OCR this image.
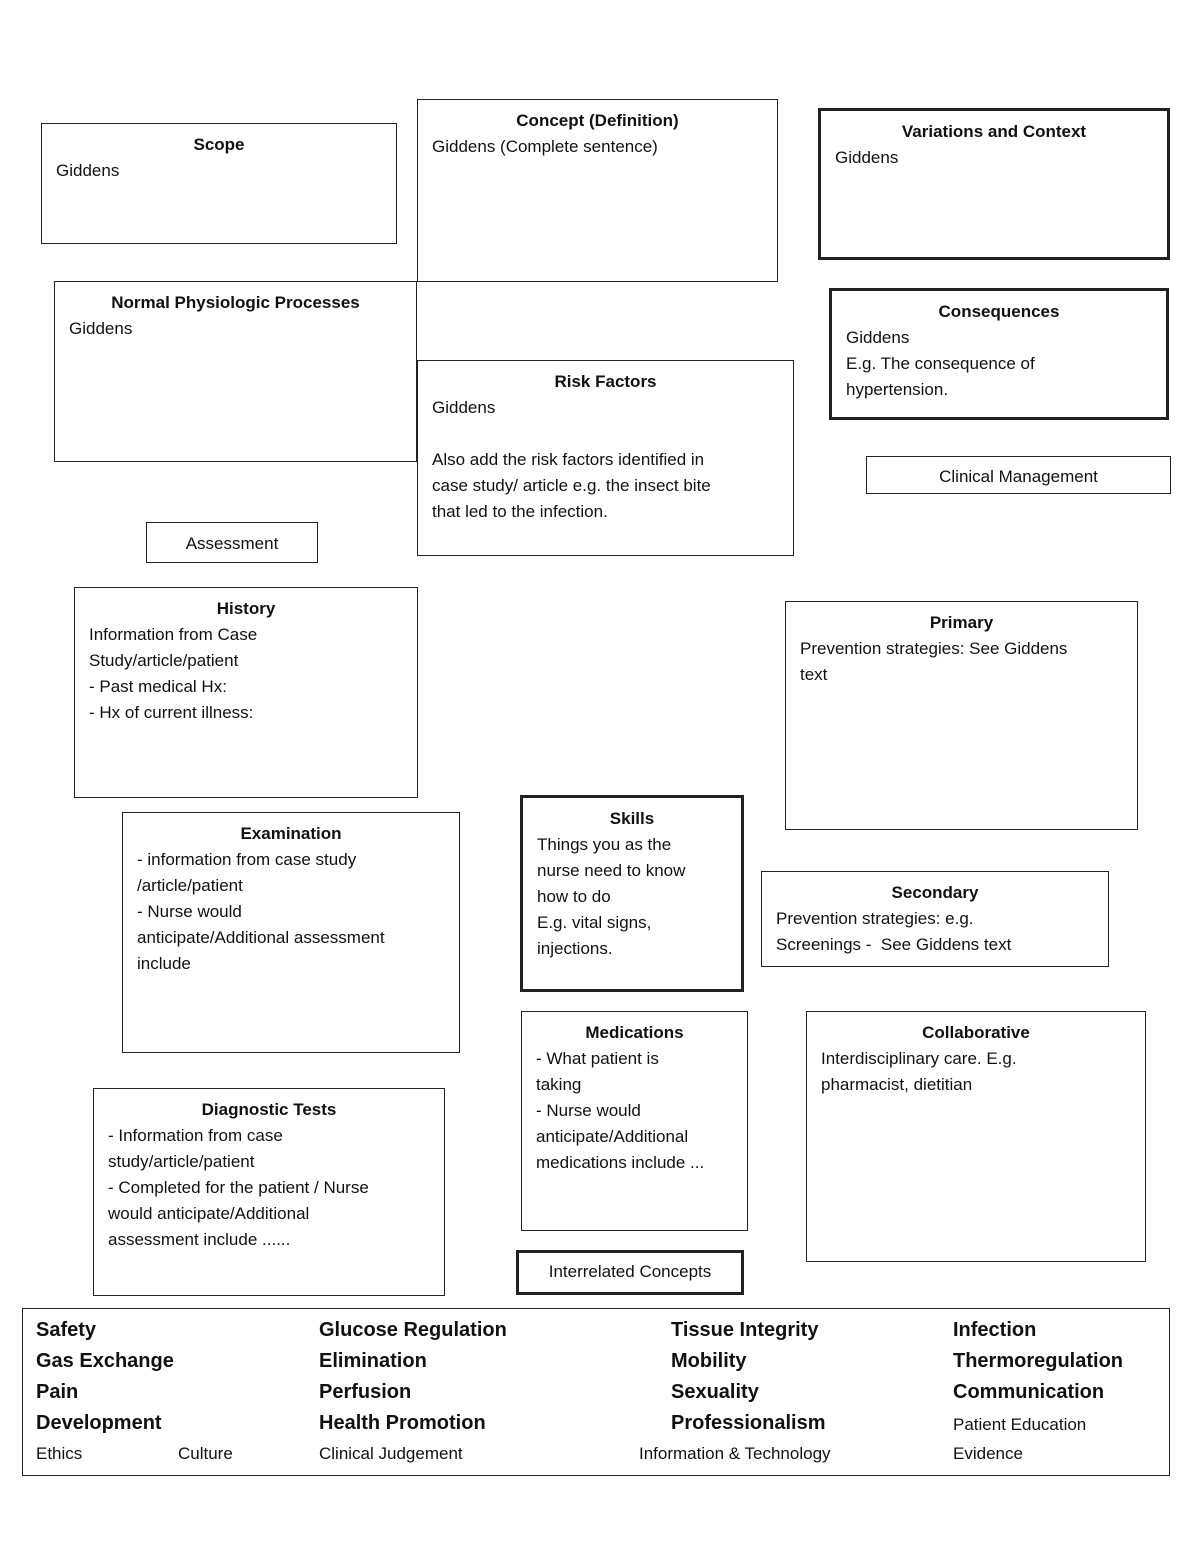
Scope
Giddens
Concept (Definition)
Giddens (Complete sentence)
Variations and Context
Giddens
Normal Physiologic Processes
Giddens
Consequences
Giddens
E.g. The consequence of
hypertension.
Risk Factors
Giddens

Also add the risk factors identified in
case study/ article e.g. the insect bite
that led to the infection.
Clinical Management
Assessment
History
Information from Case
Study/article/patient
- Past medical Hx:
- Hx of current illness:
Primary
Prevention strategies: See Giddens
text
Examination
- information from case study
/article/patient
- Nurse would
anticipate/Additional assessment
include
Skills
Things you as the
nurse need to know
how to do
E.g. vital signs,
injections.
Secondary
Prevention strategies: e.g.
Screenings -  See Giddens text
Medications
- What patient is
taking
- Nurse would
anticipate/Additional
medications include ...
Collaborative
Interdisciplinary care. E.g.
pharmacist, dietitian
Diagnostic Tests
- Information from case
study/article/patient
- Completed for the patient / Nurse
would anticipate/Additional
assessment include ......
Interrelated Concepts
Safety
Gas Exchange
Pain
Development
Glucose Regulation
Elimination
Perfusion
Health Promotion
Tissue Integrity
Mobility
Sexuality
Professionalism
Infection
Thermoregulation
Communication
Patient Education
Ethics	Culture	Clinical Judgement	Information & Technology	Evidence
